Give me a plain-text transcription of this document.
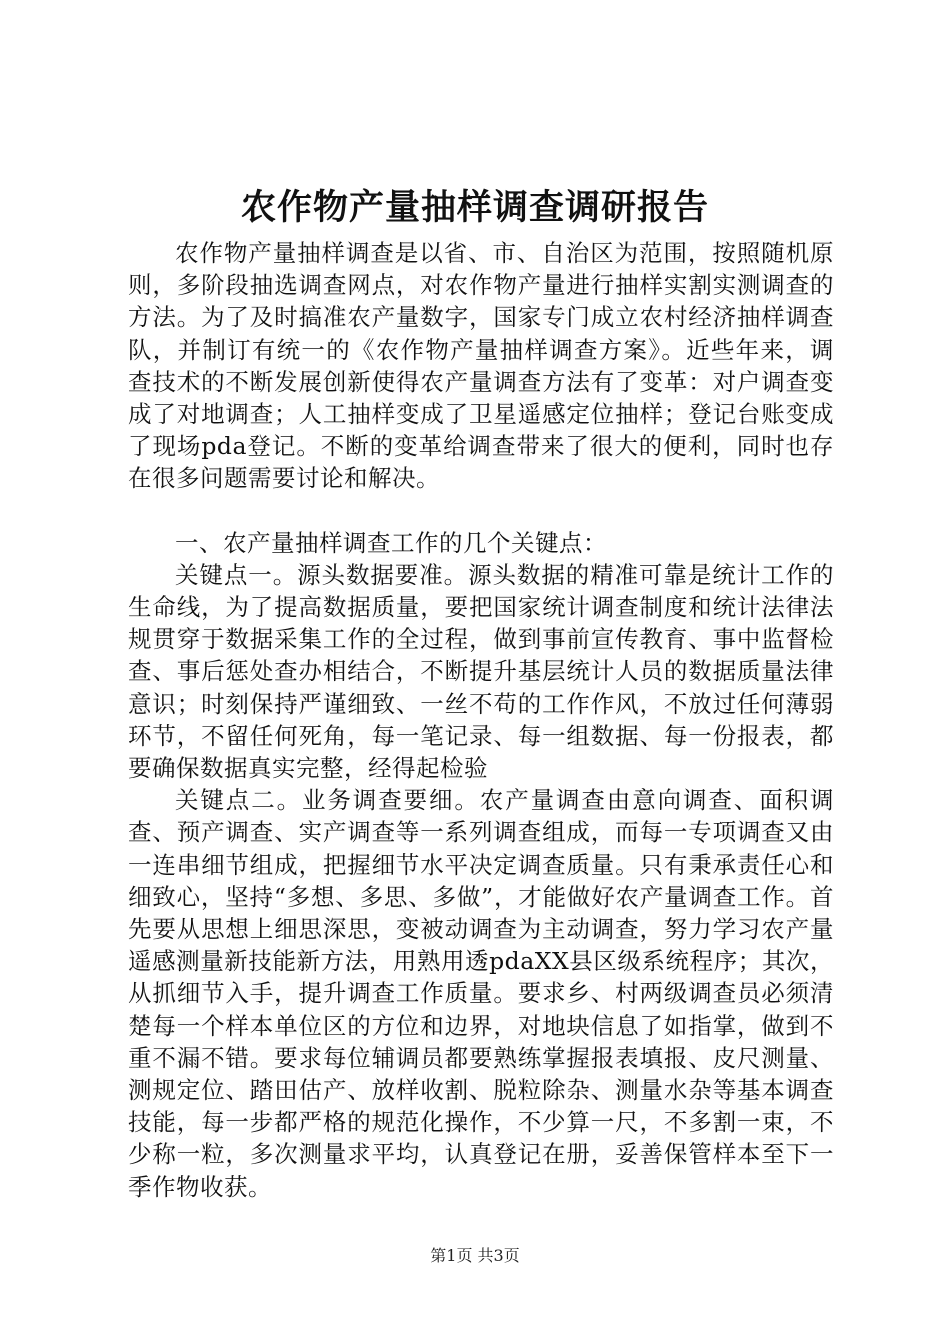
农作物产量抽样调查调研报告

农作物产量抽样调查是以省、市、自治区为范围，按照随机原则，多阶段抽选调查网点，对农作物产量进行抽样实割实测调查的方法。为了及时搞准农产量数字，国家专门成立农村经济抽样调查队，并制订有统一的《农作物产量抽样调查方案》。近些年来，调查技术的不断发展创新使得农产量调查方法有了变革：对户调查变成了对地调查；人工抽样变成了卫星遥感定位抽样；登记台账变成了现场pda登记。不断的变革给调查带来了很大的便利，同时也存在很多问题需要讨论和解决。

一、农产量抽样调查工作的几个关键点：

关键点一。源头数据要准。源头数据的精准可靠是统计工作的生命线，为了提高数据质量，要把国家统计调查制度和统计法律法规贯穿于数据采集工作的全过程，做到事前宣传教育、事中监督检查、事后惩处查办相结合，不断提升基层统计人员的数据质量法律意识；时刻保持严谨细致、一丝不苟的工作作风，不放过任何薄弱环节，不留任何死角，每一笔记录、每一组数据、每一份报表，都要确保数据真实完整，经得起检验

关键点二。业务调查要细。农产量调查由意向调查、面积调查、预产调查、实产调查等一系列调查组成，而每一专项调查又由一连串细节组成，把握细节水平决定调查质量。只有秉承责任心和细致心，坚持“多想、多思、多做”，才能做好农产量调查工作。首先要从思想上细思深思，变被动调查为主动调查，努力学习农产量遥感测量新技能新方法，用熟用透pdaXX县区级系统程序；其次，从抓细节入手，提升调查工作质量。要求乡、村两级调查员必须清楚每一个样本单位区的方位和边界，对地块信息了如指掌，做到不重不漏不错。要求每位辅调员都要熟练掌握报表填报、皮尺测量、测规定位、踏田估产、放样收割、脱粒除杂、测量水杂等基本调查技能，每一步都严格的规范化操作，不少算一尺，不多割一束，不少称一粒，多次测量求平均，认真登记在册，妥善保管样本至下一季作物收获。

第1页 共3页
